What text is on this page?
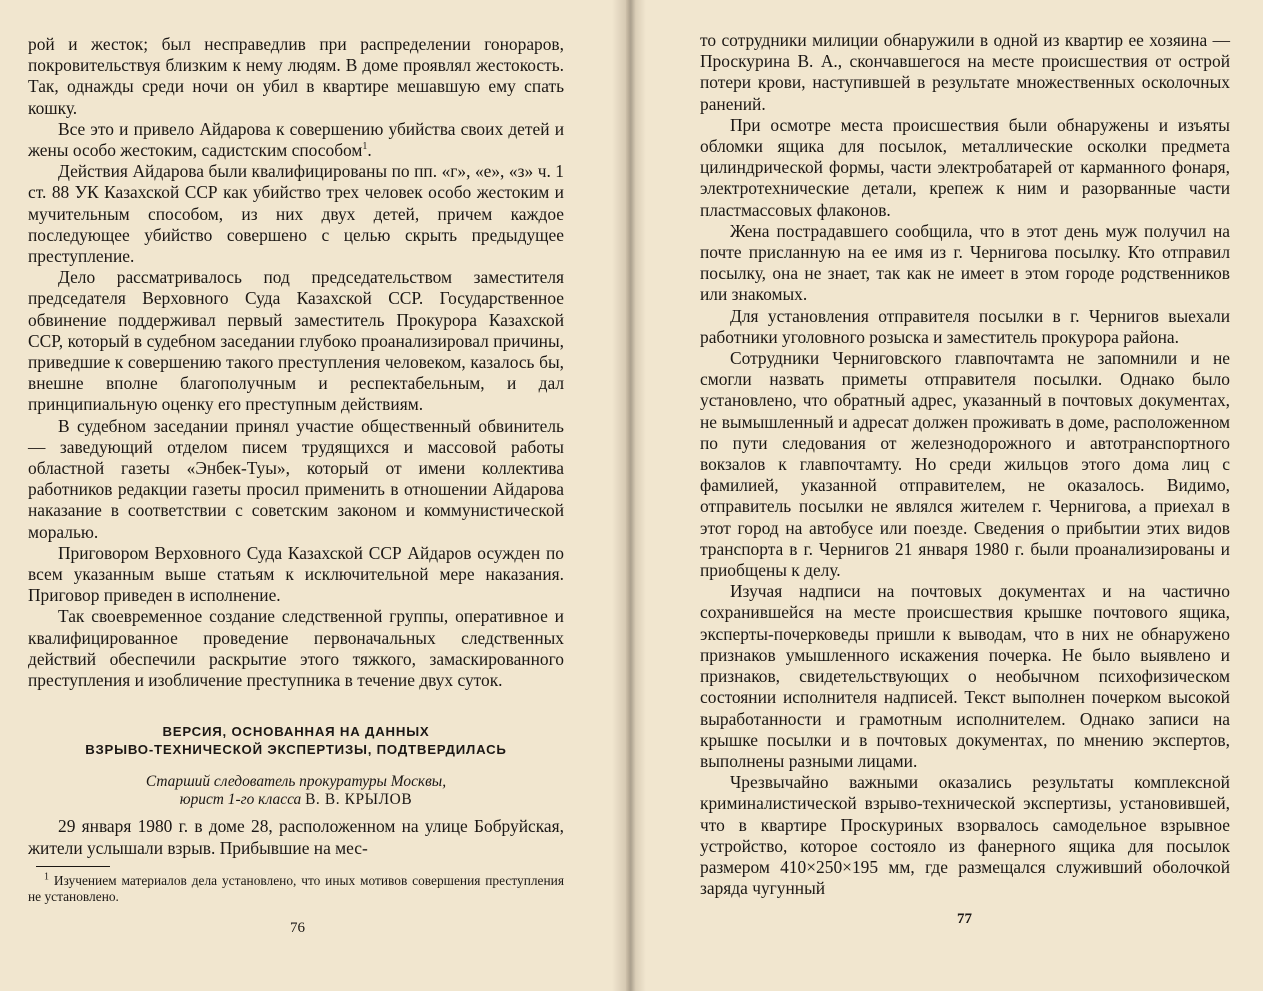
рой и жесток; был несправедлив при распределении гонораров, покровительствуя близким к нему людям. В доме проявлял жестокость. Так, однажды среди ночи он убил в квартире мешавшую ему спать кошку.

Все это и привело Айдарова к совершению убийства своих детей и жены особо жестоким, садистским способом$^1$.

Действия Айдарова были квалифицированы по пп. «г», «е», «з» ч. 1 ст. 88 УК Казахской ССР как убийство трех человек особо жестоким и мучительным способом, из них двух детей, причем каждое последующее убийство совершено с целью скрыть предыдущее преступление.

Дело рассматривалось под председательством заместителя председателя Верховного Суда Казахской ССР. Государственное обвинение поддерживал первый заместитель Прокурора Казахской ССР, который в судебном заседании глубоко проанализировал причины, приведшие к совершению такого преступления человеком, казалось бы, внешне вполне благополучным и респектабельным, и дал принципиальную оценку его преступным действиям.

В судебном заседании принял участие общественный обвинитель — заведующий отделом писем трудящихся и массовой работы областной газеты «Энбек-Туы», который от имени коллектива работников редакции газеты просил применить в отношении Айдарова наказание в соответствии с советским законом и коммунистической моралью.

Приговором Верховного Суда Казахской ССР Айдаров осужден по всем указанным выше статьям к исключительной мере наказания. Приговор приведен в исполнение.

Так своевременное создание следственной группы, оперативное и квалифицированное проведение первоначальных следственных действий обеспечили раскрытие этого тяжкого, замаскированного преступления и изобличение преступника в течение двух суток.

ВЕРСИЯ, ОСНОВАННАЯ НА ДАННЫХ
ВЗРЫВО-ТЕХНИЧЕСКОЙ ЭКСПЕРТИЗЫ, ПОДТВЕРДИЛАСЬ
Старший следователь прокуратуры Москвы,
юрист 1-го класса В. В. КРЫЛОВ

29 января 1980 г. в доме 28, расположенном на улице Бобруйская, жители услышали взрыв. Прибывшие на мес-

$^1$ Изучением материалов дела установлено, что иных мотивов совершения преступления не установлено.

76

то сотрудники милиции обнаружили в одной из квартир ее хозяина — Проскурина В. А., скончавшегося на месте происшествия от острой потери крови, наступившей в результате множественных осколочных ранений.

При осмотре места происшествия были обнаружены и изъяты обломки ящика для посылок, металлические осколки предмета цилиндрической формы, части электробатарей от карманного фонаря, электротехнические детали, крепеж к ним и разорванные части пластмассовых флаконов.

Жена пострадавшего сообщила, что в этот день муж получил на почте присланную на ее имя из г. Чернигова посылку. Кто отправил посылку, она не знает, так как не имеет в этом городе родственников или знакомых.

Для установления отправителя посылки в г. Чернигов выехали работники уголовного розыска и заместитель прокурора района.

Сотрудники Черниговского главпочтамта не запомнили и не смогли назвать приметы отправителя посылки. Однако было установлено, что обратный адрес, указанный в почтовых документах, не вымышленный и адресат должен проживать в доме, расположенном по пути следования от железнодорожного и автотранспортного вокзалов к главпочтамту. Но среди жильцов этого дома лиц с фамилией, указанной отправителем, не оказалось. Видимо, отправитель посылки не являлся жителем г. Чернигова, а приехал в этот город на автобусе или поезде. Сведения о прибытии этих видов транспорта в г. Чернигов 21 января 1980 г. были проанализированы и приобщены к делу.

Изучая надписи на почтовых документах и на частично сохранившейся на месте происшествия крышке почтового ящика, эксперты-почерковеды пришли к выводам, что в них не обнаружено признаков умышленного искажения почерка. Не было выявлено и признаков, свидетельствующих о необычном психофизическом состоянии исполнителя надписей. Текст выполнен почерком высокой выработанности и грамотным исполнителем. Однако записи на крышке посылки и в почтовых документах, по мнению экспертов, выполнены разными лицами.

Чрезвычайно важными оказались результаты комплексной криминалистической взрыво-технической экспертизы, установившей, что в квартире Проскуриных взорвалось самодельное взрывное устройство, которое состояло из фанерного ящика для посылок размером 410×250×195 мм, где размещался служивший оболочкой заряда чугунный

77
